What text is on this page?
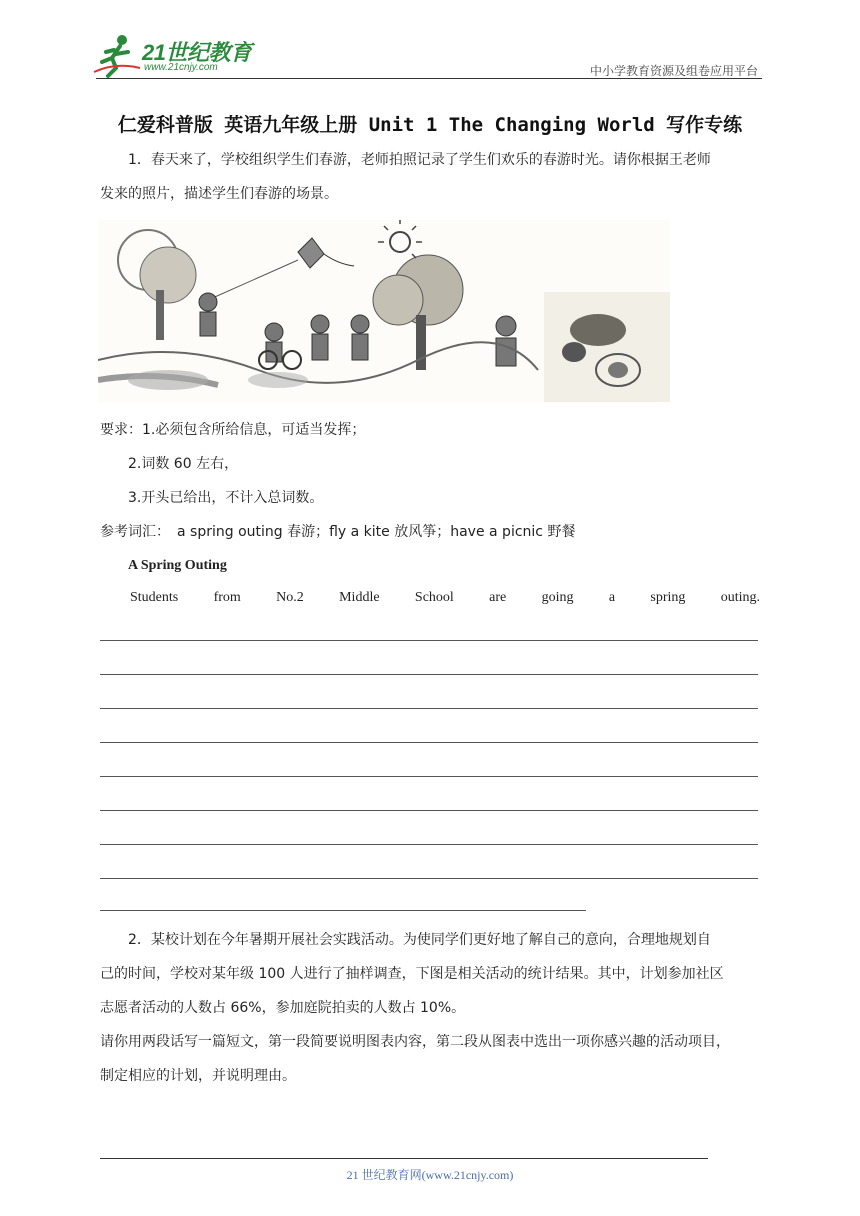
21世纪教育
www.21cnjy.com	中小学教育资源及组卷应用平台
仁爱科普版 英语九年级上册 Unit 1 The Changing World 写作专练
1．春天来了，学校组织学生们春游，老师拍照记录了学生们欢乐的春游时光。请你根据王老师
发来的照片，描述学生们春游的场景。
要求：1.必须包含所给信息，可适当发挥；
2.词数 60 左右，
3.开头已给出，不计入总词数。
参考词汇：　a spring outing 春游；fly a kite 放风筝；have a picnic 野餐
A Spring Outing
Students	from	No.2	Middle	School	are	going	a	spring	outing.
2．某校计划在今年暑期开展社会实践活动。为使同学们更好地了解自己的意向，合理地规划自
己的时间，学校对某年级 100 人进行了抽样调查，下图是相关活动的统计结果。其中，计划参加社区
志愿者活动的人数占 66%，参加庭院拍卖的人数占 10%。
请你用两段话写一篇短文，第一段简要说明图表内容，第二段从图表中选出一项你感兴趣的活动项目，
制定相应的计划，并说明理由。
21 世纪教育网(www.21cnjy.com)
